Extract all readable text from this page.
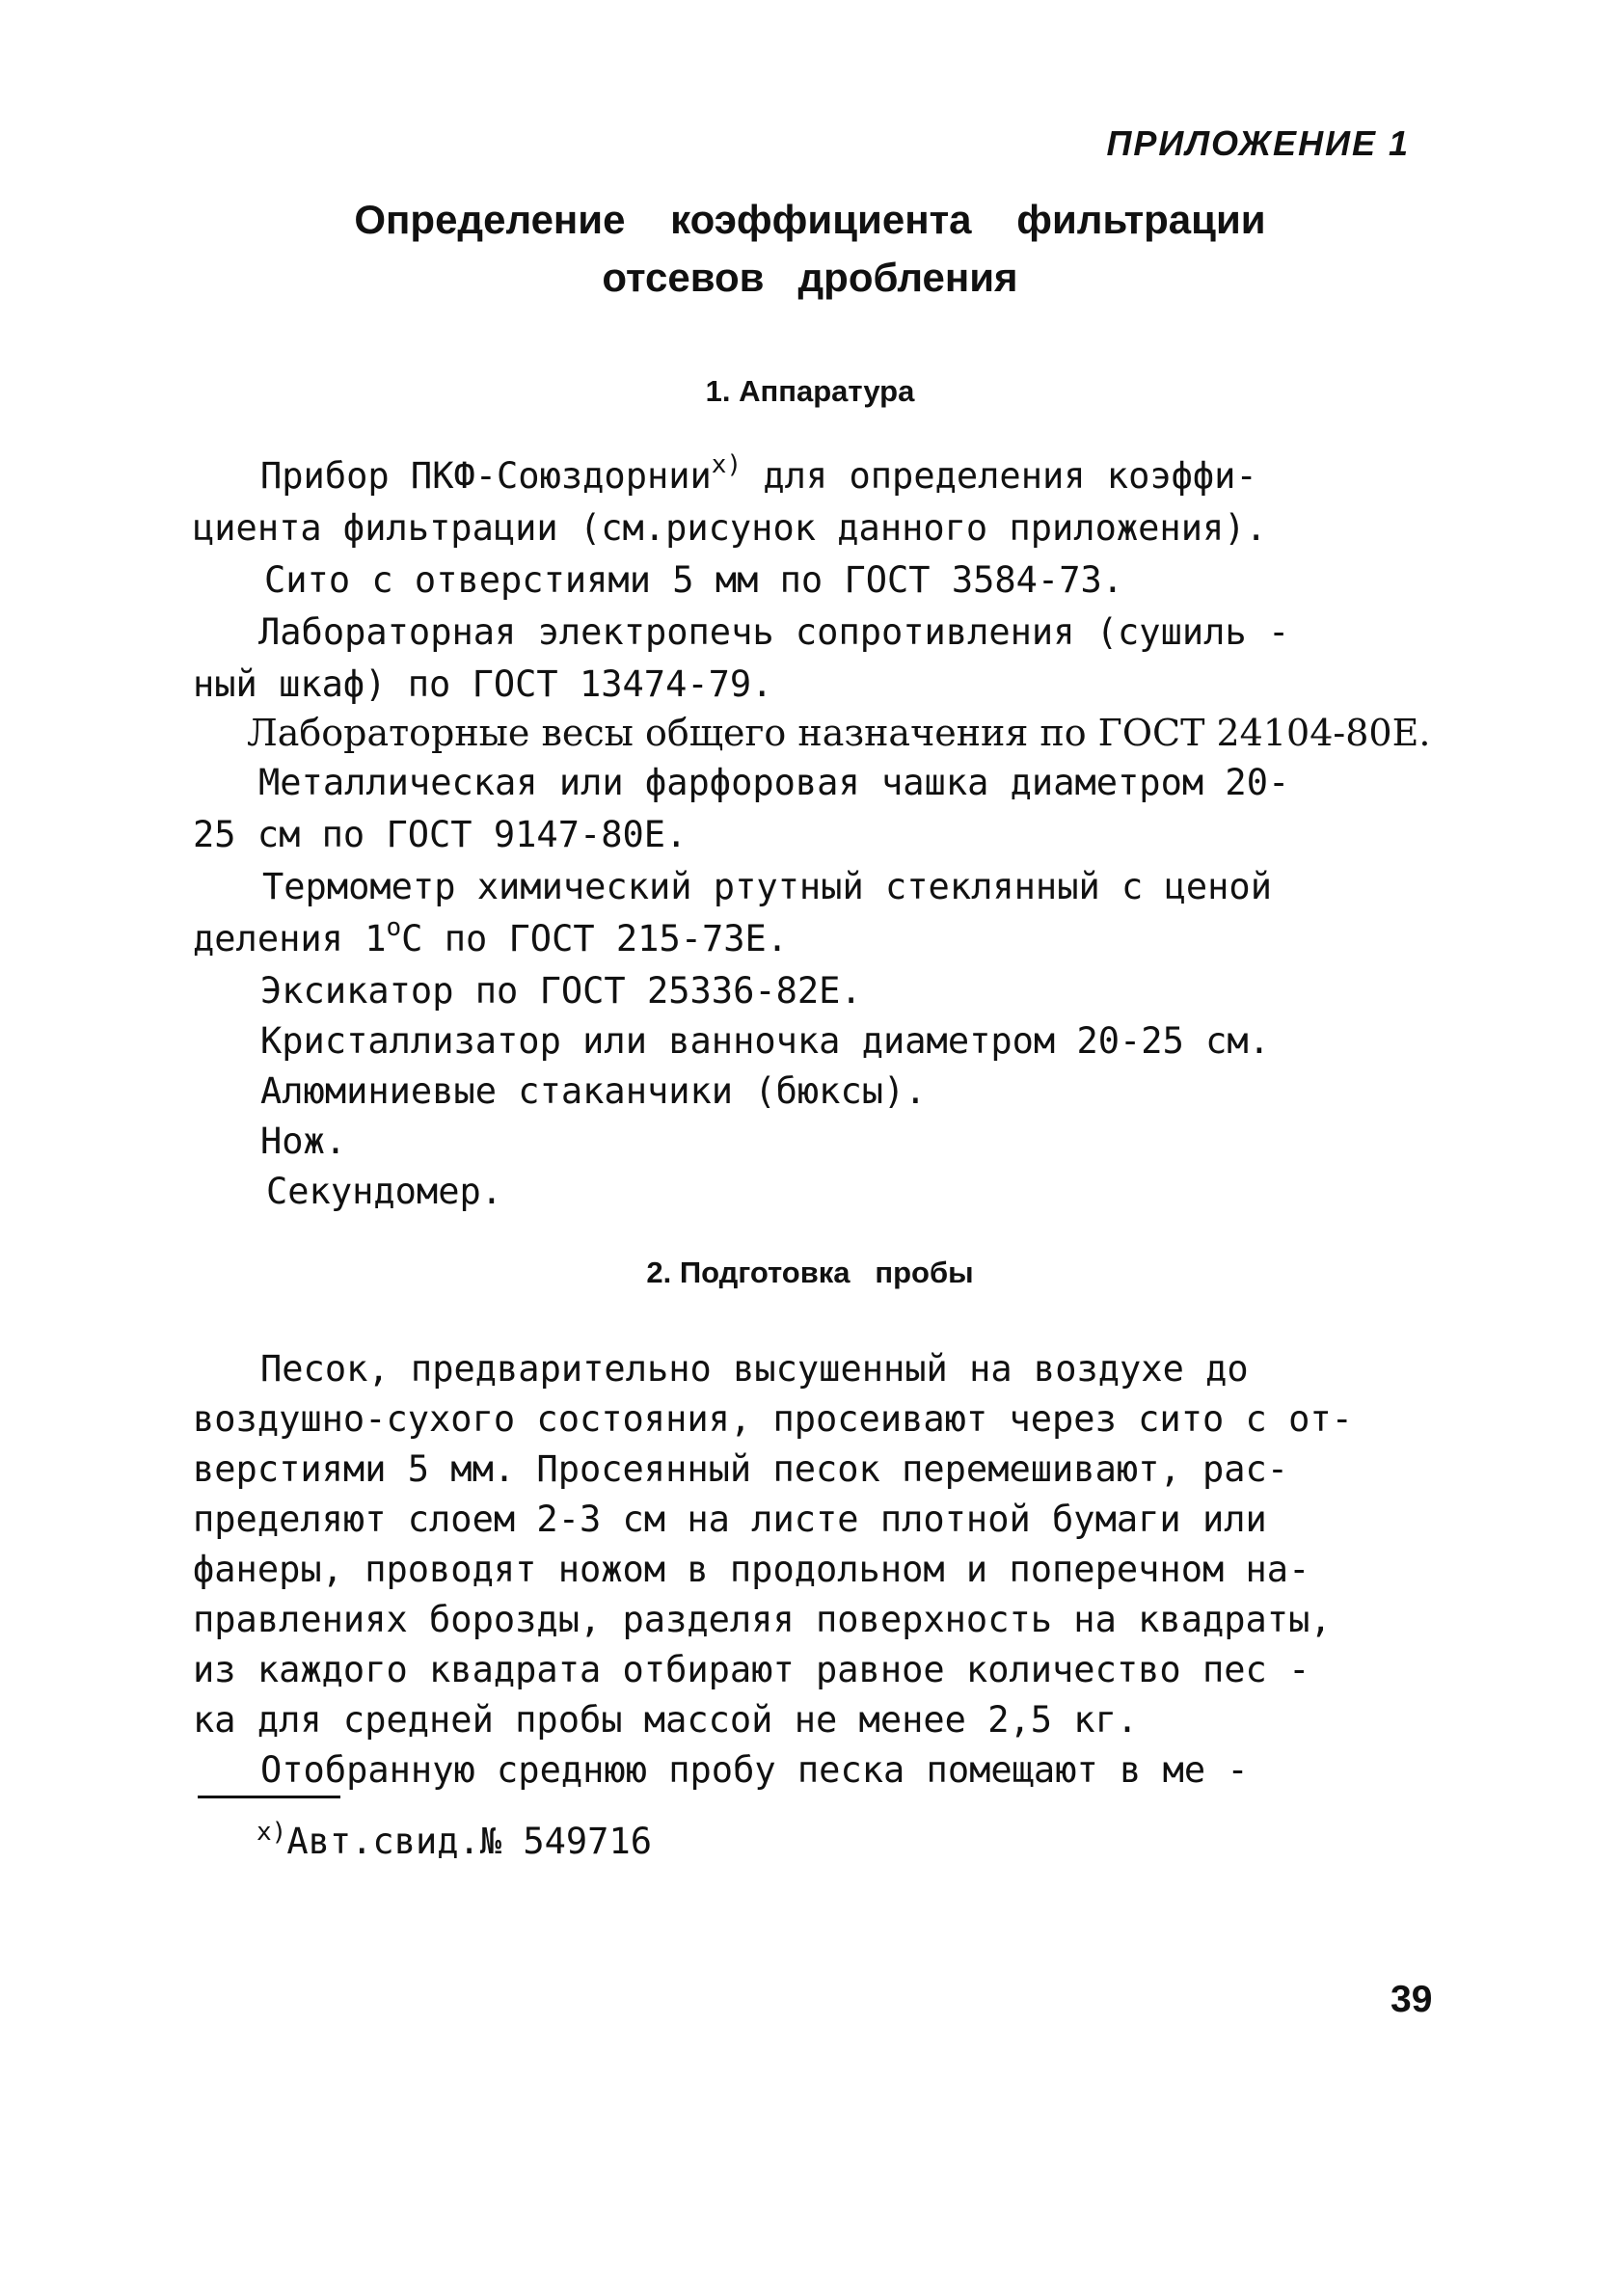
ПРИЛОЖЕНИЕ 1
Определение    коэффициента    фильтрации
отсевов   дробления
1. Аппаратура
Прибор ПКФ-Союздорнии$^{x)}$ для определения коэффи-
циента фильтрации (см.рисунок данного приложения).
Сито с отверстиями 5 мм по ГОСТ 3584-73.
Лабораторная электропечь сопротивления (сушиль -
ный шкаф) по ГОСТ 13474-79.
Лабораторные весы общего назначения по ГОСТ 24104-80Е.
Металлическая или фарфоровая чашка диаметром 20-
25 см по ГОСТ 9147-80Е.
Термометр химический ртутный стеклянный с ценой
деления $1^оС$ по ГОСТ 215-73Е.
Эксикатор по ГОСТ 25336-82Е.
Кристаллизатор или ванночка диаметром 20-25 см.
Алюминиевые стаканчики (бюксы).
Нож.
Секундомер.
2. Подготовка   пробы
Песок, предварительно высушенный на воздухе до
воздушно-сухого состояния, просеивают через сито с от-
верстиями 5 мм. Просеянный песок перемешивают, рас-
пределяют слоем 2-3 см на листе плотной бумаги или
фанеры, проводят ножом в продольном и поперечном на-
правлениях борозды, разделяя поверхность на квадраты,
из каждого квадрата отбирают равное количество пес -
ка для средней пробы массой не менее 2,5 кг.
Отобранную среднюю пробу песка помещают в ме -
$^{x)}$Авт.свид.№ 549716
39
